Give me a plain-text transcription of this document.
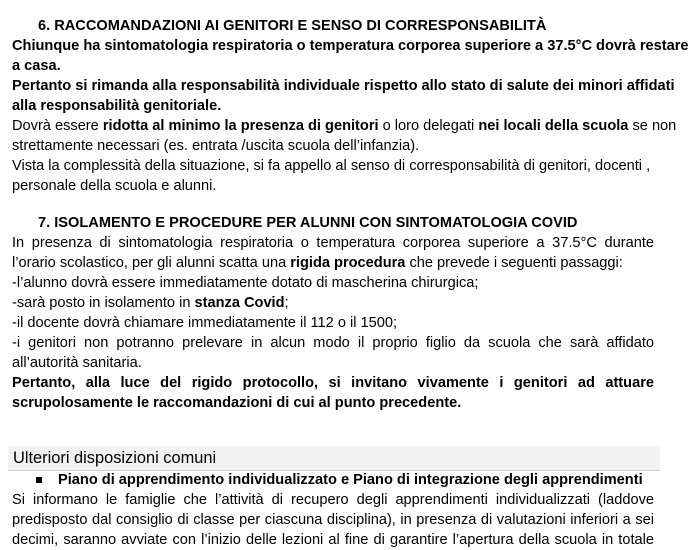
6. RACCOMANDAZIONI AI GENITORI E SENSO DI CORRESPONSABILITÀ
Chiunque ha sintomatologia respiratoria o temperatura corporea superiore a 37.5°C dovrà restare
a casa.
Pertanto si rimanda alla responsabilità individuale rispetto allo stato di salute dei minori affidati
alla responsabilità genitoriale.
Dovrà essere ridotta al minimo la presenza di genitori o loro delegati nei locali della scuola se non
strettamente necessari (es. entrata /uscita scuola dell’infanzia).
Vista la complessità della situazione, si fa appello al senso di corresponsabilità di genitori, docenti ,
personale della scuola e alunni.
7. ISOLAMENTO E PROCEDURE PER ALUNNI CON SINTOMATOLOGIA COVID
In presenza di sintomatologia respiratoria o temperatura corporea superiore a 37.5°C durante
l’orario scolastico, per gli alunni scatta una rigida procedura che prevede i seguenti passaggi:
-l’alunno dovrà essere immediatamente dotato di mascherina chirurgica;
-sarà posto in isolamento in stanza Covid;
-il docente dovrà chiamare immediatamente il 112 o il 1500;
-i genitori non potranno prelevare in alcun modo il proprio figlio da scuola che sarà affidato
all’autorità sanitaria.
Pertanto, alla luce del rigido protocollo, si invitano vivamente i genitori ad attuare
scrupolosamente le raccomandazioni di cui al punto precedente.
Ulteriori disposizioni comuni
Piano di apprendimento individualizzato e Piano di integrazione degli apprendimenti
Si informano le famiglie che l’attività di recupero degli apprendimenti individualizzati (laddove
predisposto dal consiglio di classe per ciascuna disciplina), in presenza di valutazioni inferiori a sei
decimi, saranno avviate con l’inizio delle lezioni al fine di garantire l’apertura della scuola in totale
